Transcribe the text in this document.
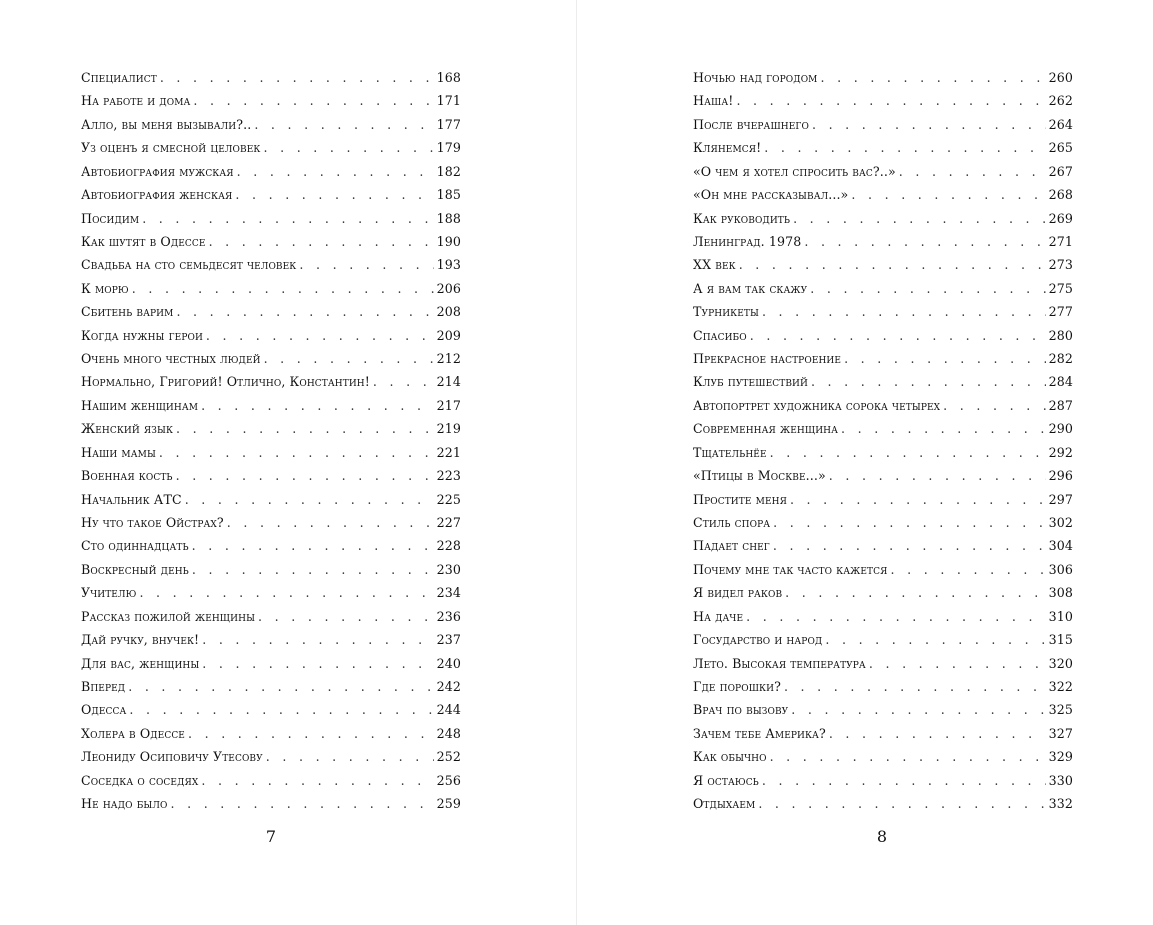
Специалист . . .	168
На работе и дома . . .	171
Алло, вы меня вызывали?.. . . .	177
Уз оценъ я смесной целовек . . .	179
Автобиография мужская . . .	182
Автобиография женская . . .	185
Посидим . . .	188
Как шутят в Одессе . . .	190
Свадьба на сто семьдесят человек . . .	193
К морю . . .	206
Сбитень варим . . .	208
Когда нужны герои . . .	209
Очень много честных людей . . .	212
Нормально, Григорий! Отлично, Константин! . . .	214
Нашим женщинам . . .	217
Женский язык . . .	219
Наши мамы . . .	221
Военная кость . . .	223
Начальник АТС . . .	225
Ну что такое Ойстрах? . . .	227
Сто одиннадцать . . .	228
Воскресный день . . .	230
Учителю . . .	234
Рассказ пожилой женщины . . .	236
Дай ручку, внучек! . . .	237
Для вас, женщины . . .	240
Вперед . . .	242
Одесса . . .	244
Холера в Одессе . . .	248
Леониду Осиповичу Утесову . . .	252
Соседка о соседях . . .	256
Не надо было . . .	259
7
Ночью над городом . . .	260
Наша! . . .	262
После вчерашнего . . .	264
Клянемся! . . .	265
«О чем я хотел спросить вас?..» . . .	267
«Он мне рассказывал...» . . .	268
Как руководить . . .	269
Ленинград. 1978 . . .	271
XX век . . .	273
А я вам так скажу . . .	275
Турникеты . . .	277
Спасибо . . .	280
Прекрасное настроение . . .	282
Клуб путешествий . . .	284
Автопортрет художника сорока четырех . . .	287
Современная женщина . . .	290
Тщательнёе . . .	292
«Птицы в Москве...» . . .	296
Простите меня . . .	297
Стиль спора . . .	302
Падает снег . . .	304
Почему мне так часто кажется . . .	306
Я видел раков . . .	308
На даче . . .	310
Государство и народ . . .	315
Лето. Высокая температура . . .	320
Где порошки? . . .	322
Врач по вызову . . .	325
Зачем тебе Америка? . . .	327
Как обычно . . .	329
Я остаюсь . . .	330
Отдыхаем . . .	332
8
